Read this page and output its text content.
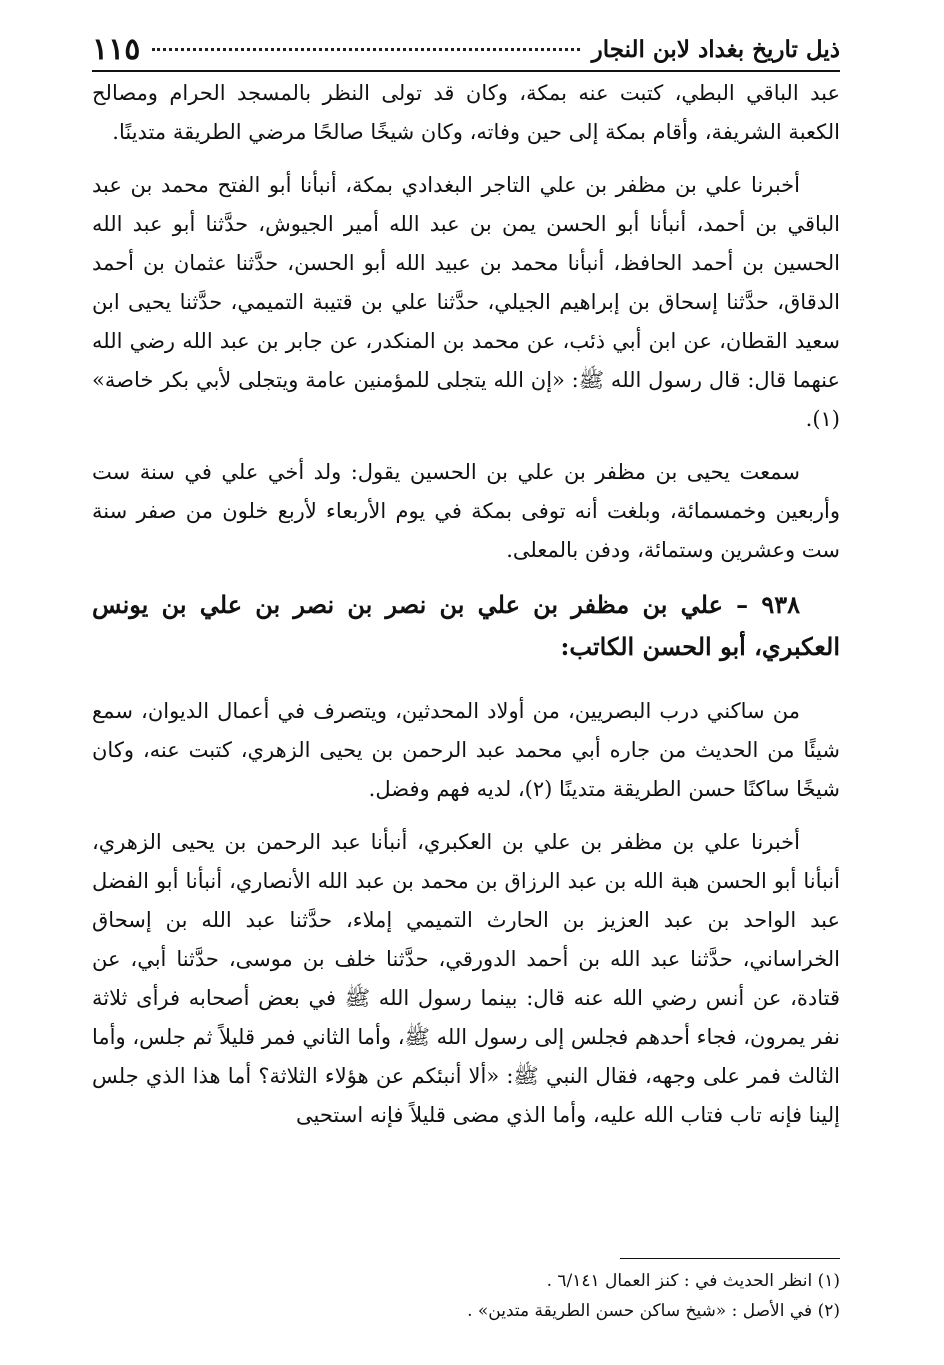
١١٥	ذيل تاريخ بغداد لابن النجار

عبد الباقي البطي، كتبت عنه بمكة، وكان قد تولى النظر بالمسجد الحرام ومصالح الكعبة الشريفة، وأقام بمكة إلى حين وفاته، وكان شيخًا صالحًا مرضي الطريقة متدينًا.

أخبرنا علي بن مظفر بن علي التاجر البغدادي بمكة، أنبأنا أبو الفتح محمد بن عبد الباقي بن أحمد، أنبأنا أبو الحسن يمن بن عبد الله أمير الجيوش، حدَّثنا أبو عبد الله الحسين بن أحمد الحافظ، أنبأنا محمد بن عبيد الله أبو الحسن، حدَّثنا عثمان بن أحمد الدقاق، حدَّثنا إسحاق بن إبراهيم الجيلي، حدَّثنا علي بن قتيبة التميمي، حدَّثنا يحيى ابن سعيد القطان، عن ابن أبي ذئب، عن محمد بن المنكدر، عن جابر بن عبد الله رضي الله عنهما قال: قال رسول الله ﷺ: «إن الله يتجلى للمؤمنين عامة ويتجلى لأبي بكر خاصة» (١).

سمعت يحيى بن مظفر بن علي بن الحسين يقول: ولد أخي علي في سنة ست وأربعين وخمسمائة، وبلغت أنه توفى بمكة في يوم الأربعاء لأربع خلون من صفر سنة ست وعشرين وستمائة، ودفن بالمعلى.

٩٣٨ – علي بن مظفر بن علي بن نصر بن نصر بن علي بن يونس العكبري، أبو الحسن الكاتب:

من ساكني درب البصريين، من أولاد المحدثين، ويتصرف في أعمال الديوان، سمع شيئًا من الحديث من جاره أبي محمد عبد الرحمن بن يحيى الزهري، كتبت عنه، وكان شيخًا ساكنًا حسن الطريقة متدينًا (٢)، لديه فهم وفضل.

أخبرنا علي بن مظفر بن علي بن العكبري، أنبأنا عبد الرحمن بن يحيى الزهري، أنبأنا أبو الحسن هبة الله بن عبد الرزاق بن محمد بن عبد الله الأنصاري، أنبأنا أبو الفضل عبد الواحد بن عبد العزيز بن الحارث التميمي إملاء، حدَّثنا عبد الله بن إسحاق الخراساني، حدَّثنا عبد الله بن أحمد الدورقي، حدَّثنا خلف بن موسى، حدَّثنا أبي، عن قتادة، عن أنس رضي الله عنه قال: بينما رسول الله ﷺ في بعض أصحابه فرأى ثلاثة نفر يمرون، فجاء أحدهم فجلس إلى رسول الله ﷺ، وأما الثاني فمر قليلاً ثم جلس، وأما الثالث فمر على وجهه، فقال النبي ﷺ: «ألا أنبئكم عن هؤلاء الثلاثة؟ أما هذا الذي جلس إلينا فإنه تاب فتاب الله عليه، وأما الذي مضى قليلاً فإنه استحيى

(١) انظر الحديث في : كنز العمال ٦/١٤١ .

(٢) في الأصل : «شيخ ساكن حسن الطريقة متدين» .
